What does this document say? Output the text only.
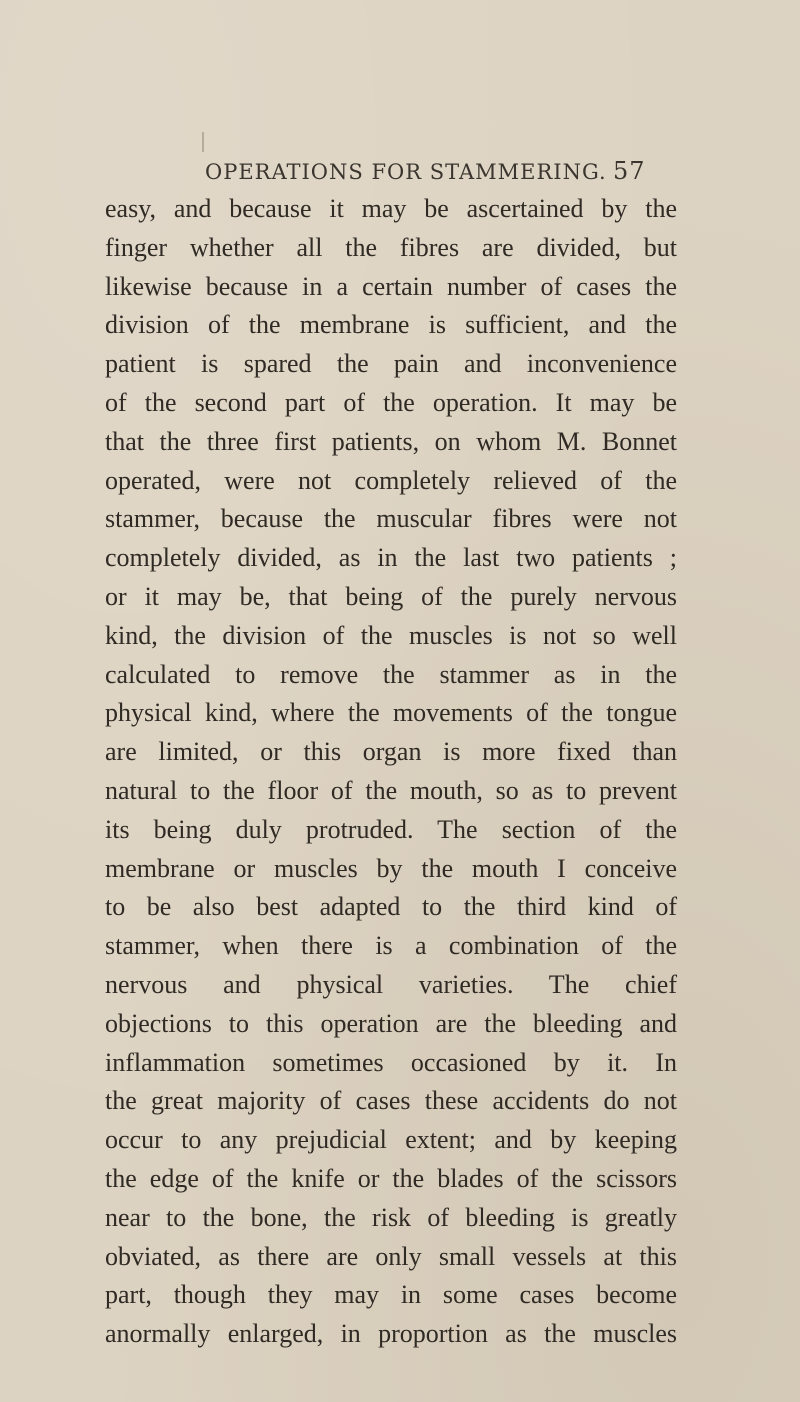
OPERATIONS FOR STAMMERING. 57
easy, and because it may be ascertained by the
finger whether all the fibres are divided, but
likewise because in a certain number of cases the
division of the membrane is sufficient, and the
patient is spared the pain and inconvenience
of the second part of the operation. It may be
that the three first patients, on whom M. Bonnet
operated, were not completely relieved of the
stammer, because the muscular fibres were not
completely divided, as in the last two patients ;
or it may be, that being of the purely nervous
kind, the division of the muscles is not so well
calculated to remove the stammer as in the
physical kind, where the movements of the tongue
are limited, or this organ is more fixed than
natural to the floor of the mouth, so as to prevent
its being duly protruded. The section of the
membrane or muscles by the mouth I conceive
to be also best adapted to the third kind of
stammer, when there is a combination of the
nervous and physical varieties. The chief
objections to this operation are the bleeding and
inflammation sometimes occasioned by it. In
the great majority of cases these accidents do not
occur to any prejudicial extent; and by keeping
the edge of the knife or the blades of the scissors
near to the bone, the risk of bleeding is greatly
obviated, as there are only small vessels at this
part, though they may in some cases become
anormally enlarged, in proportion as the muscles
